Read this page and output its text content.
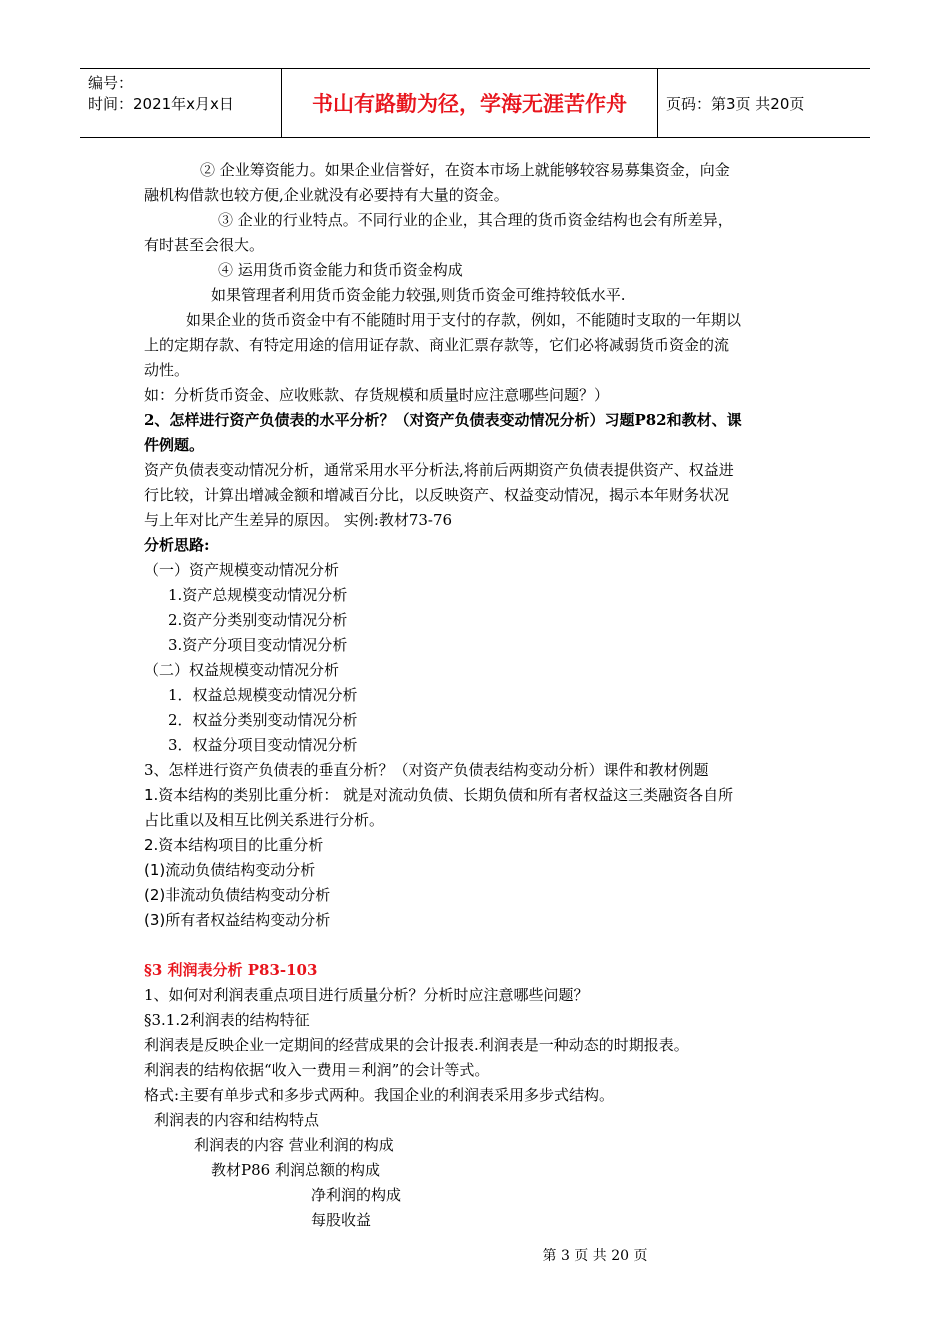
编号：
时间：2021年x月x日	书山有路勤为径，学海无涯苦作舟	页码：第3页 共20页
② 企业筹资能力。如果企业信誉好，在资本市场上就能够较容易募集资金，向金
融机构借款也较方便,企业就没有必要持有大量的资金。
③ 企业的行业特点。不同行业的企业，其合理的货币资金结构也会有所差异，
有时甚至会很大。
④ 运用货币资金能力和货币资金构成
如果管理者利用货币资金能力较强,则货币资金可维持较低水平.
如果企业的货币资金中有不能随时用于支付的存款，例如，不能随时支取的一年期以
上的定期存款、有特定用途的信用证存款、商业汇票存款等，它们必将减弱货币资金的流
动性。
如：分析货币资金、应收账款、存货规模和质量时应注意哪些问题？）
2、怎样进行资产负债表的水平分析？（对资产负债表变动情况分析）习题P82和教材、课
件例题。
资产负债表变动情况分析，通常采用水平分析法,将前后两期资产负债表提供资产、权益进
行比较，计算出增减金额和增减百分比，以反映资产、权益变动情况，揭示本年财务状况
与上年对比产生差异的原因。 实例:教材73-76
分析思路:
（一）资产规模变动情况分析
1.资产总规模变动情况分析
2.资产分类别变动情况分析
3.资产分项目变动情况分析
（二）权益规模变动情况分析
1．权益总规模变动情况分析
2．权益分类别变动情况分析
3．权益分项目变动情况分析
3、怎样进行资产负债表的垂直分析？（对资产负债表结构变动分析）课件和教材例题
1.资本结构的类别比重分析： 就是对流动负债、长期负债和所有者权益这三类融资各自所
占比重以及相互比例关系进行分析。
2.资本结构项目的比重分析
(1)流动负债结构变动分析
(2)非流动负债结构变动分析
(3)所有者权益结构变动分析
§3 利润表分析 P83-103
1、如何对利润表重点项目进行质量分析？分析时应注意哪些问题？
§3.1.2利润表的结构特征
利润表是反映企业一定期间的经营成果的会计报表.利润表是一种动态的时期报表。
利润表的结构依据“收入一费用＝利润”的会计等式。
格式:主要有单步式和多步式两种。我国企业的利润表采用多步式结构。
利润表的内容和结构特点
利润表的内容 营业利润的构成
教材P86 利润总额的构成
净利润的构成
每股收益
第 3 页 共 20 页
